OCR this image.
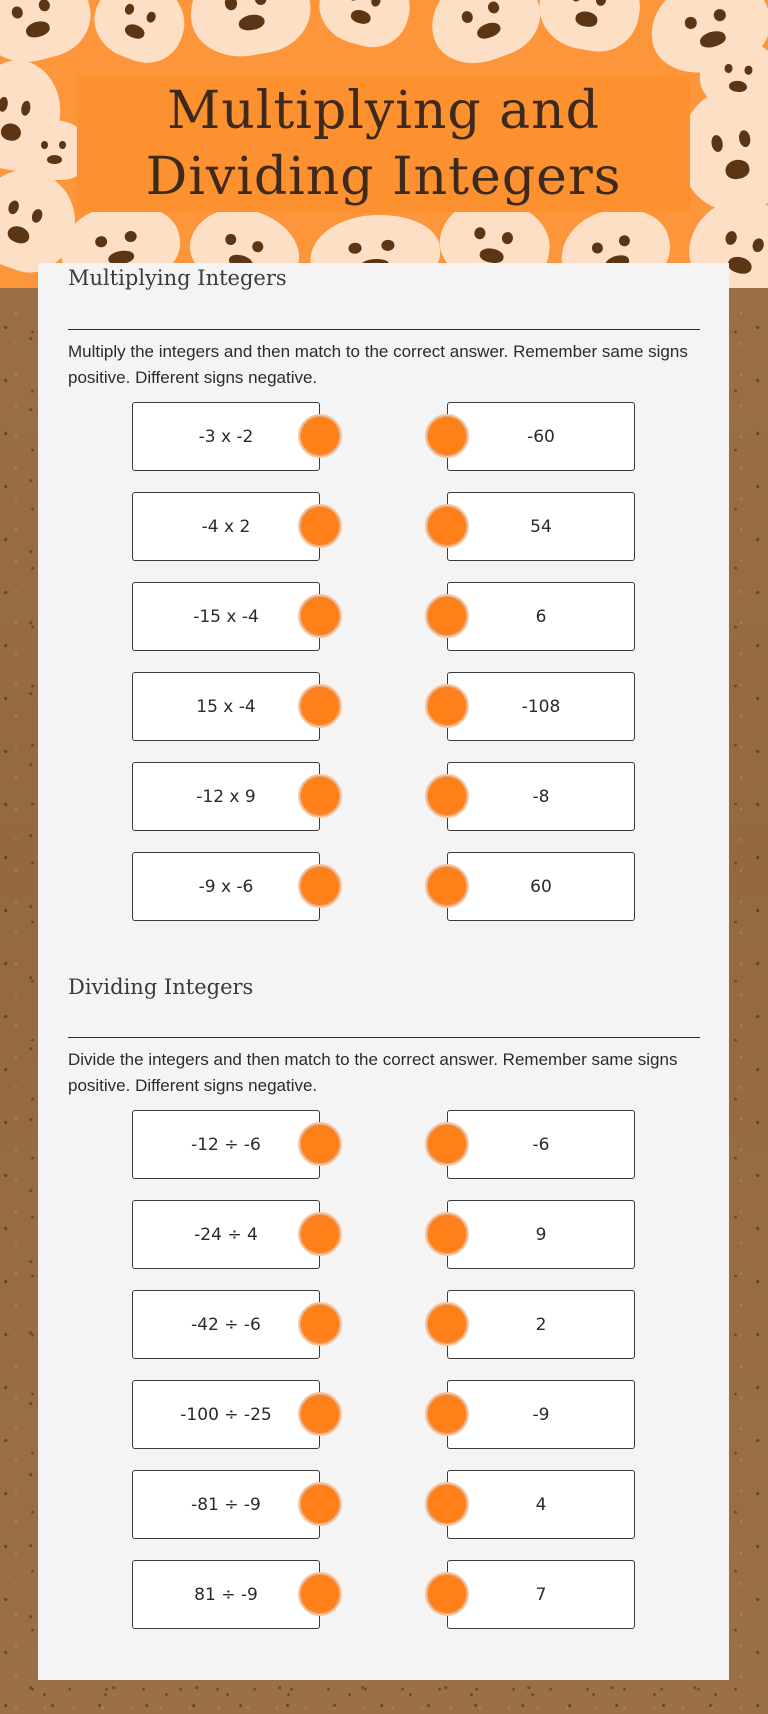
Multiplying and
Dividing Integers
Multiplying Integers
Multiply the integers and then match to the correct answer. Remember same signs positive. Different signs negative.
-3 x -2	-60
-4 x 2	54
-15 x -4	6
15 x -4	-108
-12 x 9	-8
-9 x -6	60
Dividing Integers
Divide the integers and then match to the correct answer. Remember same signs positive. Different signs negative.
-12 ÷ -6	-6
-24 ÷ 4	9
-42 ÷ -6	2
-100 ÷ -25	-9
-81 ÷ -9	4
81 ÷ -9	7
